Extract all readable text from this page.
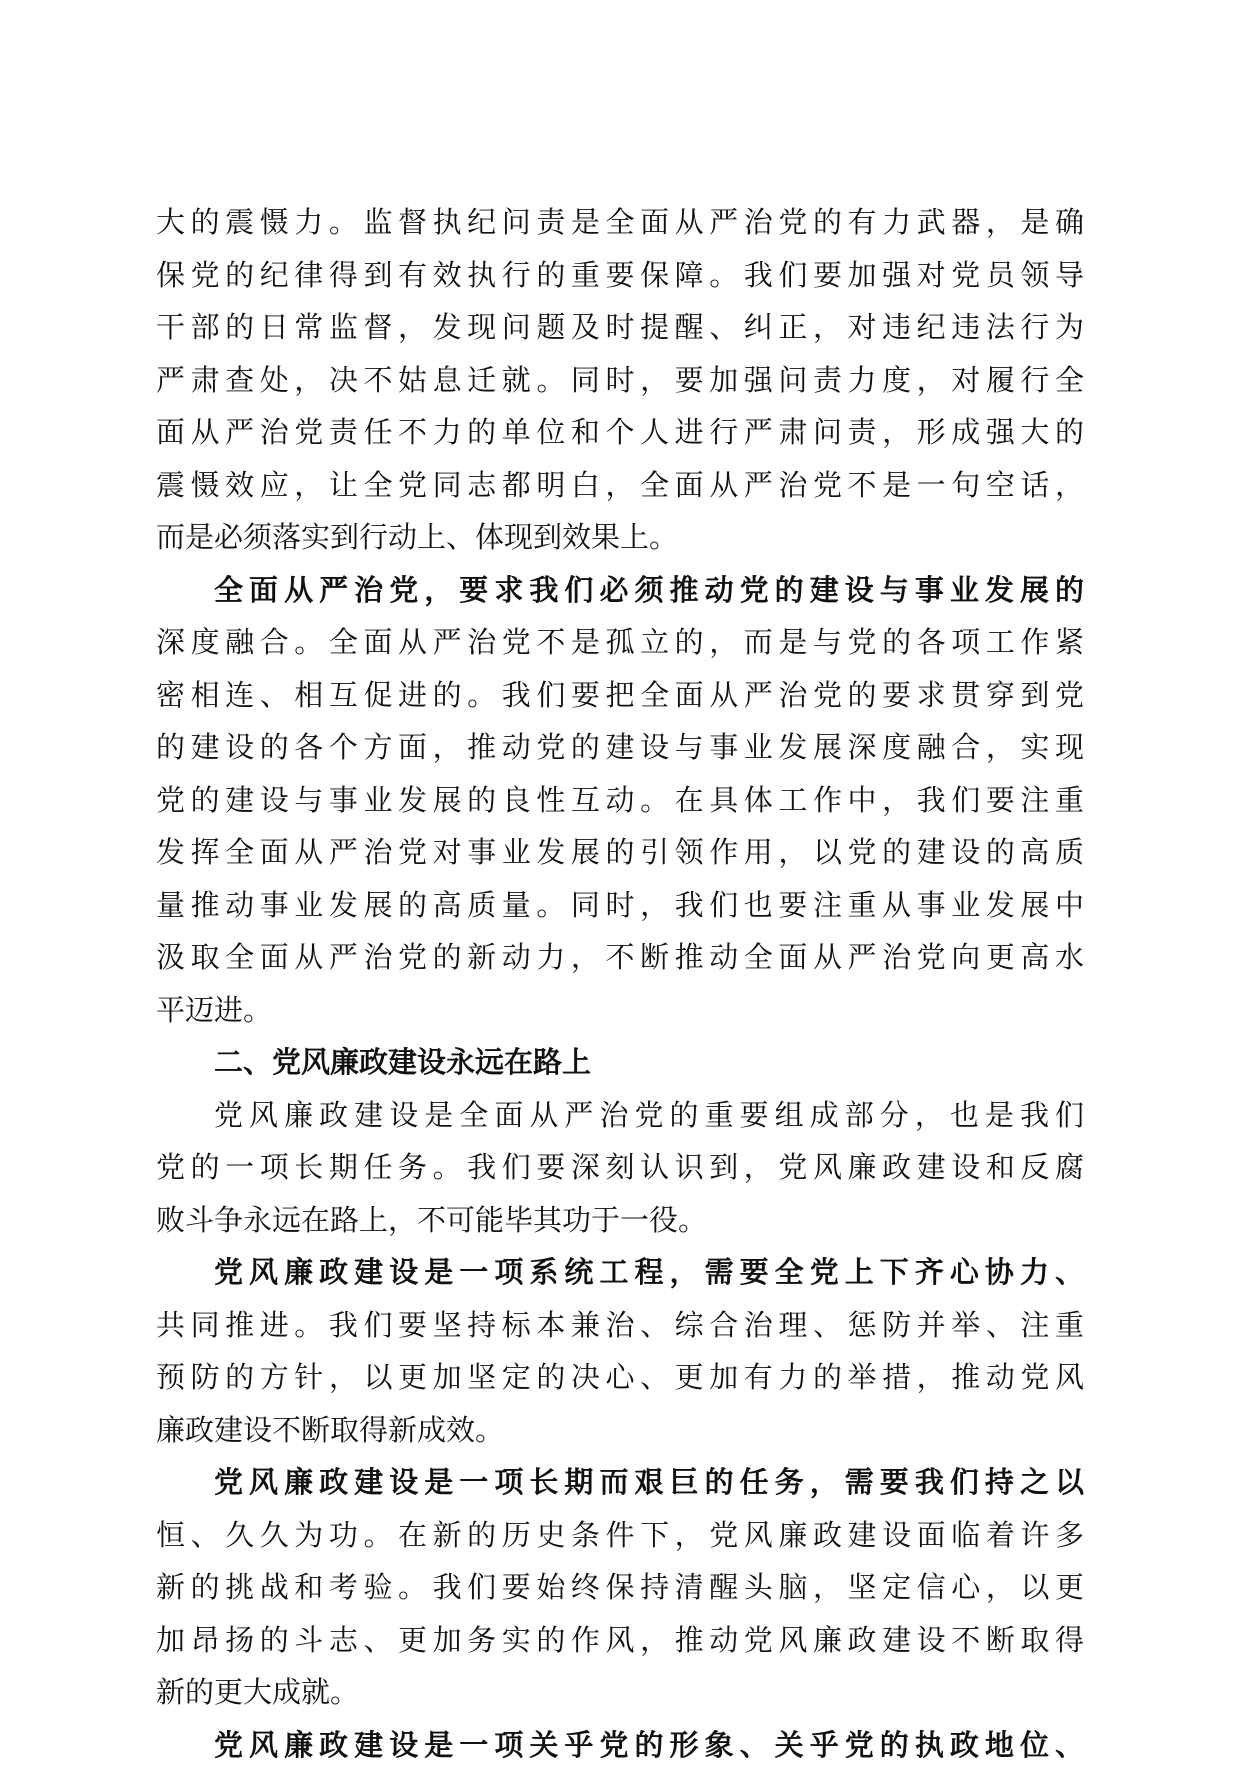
大的震慑力。监督执纪问责是全面从严治党的有力武器，是确
保党的纪律得到有效执行的重要保障。我们要加强对党员领导
干部的日常监督，发现问题及时提醒、纠正，对违纪违法行为
严肃查处，决不姑息迁就。同时，要加强问责力度，对履行全
面从严治党责任不力的单位和个人进行严肃问责，形成强大的
震慑效应，让全党同志都明白，全面从严治党不是一句空话，
而是必须落实到行动上、体现到效果上。
全面从严治党，要求我们必须推动党的建设与事业发展的
深度融合。全面从严治党不是孤立的，而是与党的各项工作紧
密相连、相互促进的。我们要把全面从严治党的要求贯穿到党
的建设的各个方面，推动党的建设与事业发展深度融合，实现
党的建设与事业发展的良性互动。在具体工作中，我们要注重
发挥全面从严治党对事业发展的引领作用，以党的建设的高质
量推动事业发展的高质量。同时，我们也要注重从事业发展中
汲取全面从严治党的新动力，不断推动全面从严治党向更高水
平迈进。
二、党风廉政建设永远在路上
党风廉政建设是全面从严治党的重要组成部分，也是我们
党的一项长期任务。我们要深刻认识到，党风廉政建设和反腐
败斗争永远在路上，不可能毕其功于一役。
党风廉政建设是一项系统工程，需要全党上下齐心协力、
共同推进。我们要坚持标本兼治、综合治理、惩防并举、注重
预防的方针，以更加坚定的决心、更加有力的举措，推动党风
廉政建设不断取得新成效。
党风廉政建设是一项长期而艰巨的任务，需要我们持之以
恒、久久为功。在新的历史条件下，党风廉政建设面临着许多
新的挑战和考验。我们要始终保持清醒头脑，坚定信心，以更
加昂扬的斗志、更加务实的作风，推动党风廉政建设不断取得
新的更大成就。
党风廉政建设是一项关乎党的形象、关乎党的执政地位、
